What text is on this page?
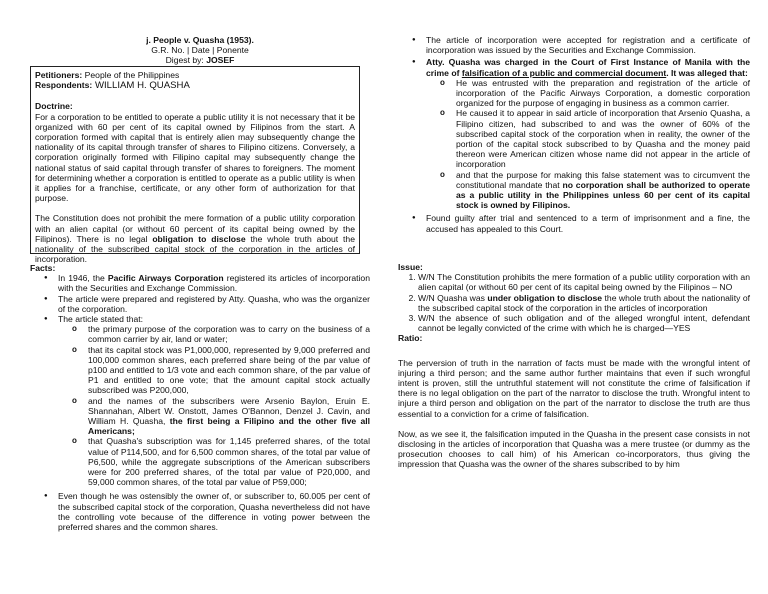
j. People v. Quasha (1953).
G.R. No. | Date | Ponente
Digest by: JOSEF
Petitioners: People of the Philippines
Respondents: WILLIAM H. QUASHA
Doctrine:
For a corporation to be entitled to operate a public utility it is not necessary that it be organized with 60 per cent of its capital owned by Filipinos from the start. A corporation formed with capital that is entirely alien may subsequently change the nationality of its capital through transfer of shares to Filipino citizens. Conversely, a corporation originally formed with Filipino capital may subsequently change the national status of said capital through transfer of shares to foreigners. The moment for determining whether a corporation is entitled to operate as a public utility is when it applies for a franchise, certificate, or any other form of authorization for that purpose.
The Constitution does not prohibit the mere formation of a public utility corporation with an alien capital (or without 60 percent of its capital being owned by the Filipinos). There is no legal obligation to disclose the whole truth about the nationality of the subscribed capital stock of the corporation in the articles of incorporation.
Facts:
● In 1946, the Pacific Airways Corporation registered its articles of incorporation with the Securities and Exchange Commission.
● The article were prepared and registered by Atty. Quasha, who was the organizer of the corporation.
● The article stated that:
o the primary purpose of the corporation was to carry on the business of a common carrier by air, land or water;
o that its capital stock was P1,000,000, represented by 9,000 preferred and 100,000 common shares, each preferred share being of the par value of p100 and entitled to 1/3 vote and each common share, of the par value of P1 and entitled to one vote; that the amount capital stock actually subscribed was P200,000,
o and the names of the subscribers were Arsenio Baylon, Eruin E. Shannahan, Albert W. Onstott, James O'Bannon, Denzel J. Cavin, and William H. Quasha, the first being a Filipino and the other five all Americans;
o that Quasha's subscription was for 1,145 preferred shares, of the total value of P114,500, and for 6,500 common shares, of the total par value of P6,500, while the aggregate subscriptions of the American subscribers were for 200 preferred shares, of the total par value of P20,000, and 59,000 common shares, of the total par value of P59,000;
● Even though he was ostensibly the owner of, or subscriber to, 60.005 per cent of the subscribed capital stock of the corporation, Quasha nevertheless did not have the controlling vote because of the difference in voting power between the preferred shares and the common shares.
● The article of incorporation were accepted for registration and a certificate of incorporation was issued by the Securities and Exchange Commission.
● Atty. Quasha was charged in the Court of First Instance of Manila with the crime of falsification of a public and commercial document. It was alleged that:
o He was entrusted with the preparation and registration of the article of incorporation of the Pacific Airways Corporation, a domestic corporation organized for the purpose of engaging in business as a common carrier.
o He caused it to appear in said article of incorporation that Arsenio Quasha, a Filipino citizen, had subscribed to and was the owner of 60% of the subscribed capital stock of the corporation when in reality, the owner of the portion of the capital stock subscribed to by Quasha and the money paid thereon were American citizen whose name did not appear in the article of incorporation
o and that the purpose for making this false statement was to circumvent the constitutional mandate that no corporation shall be authorized to operate as a public utility in the Philippines unless 60 per cent of its capital stock is owned by Filipinos.
● Found guilty after trial and sentenced to a term of imprisonment and a fine, the accused has appealed to this Court.
Issue:
1. W/N The Constitution prohibits the mere formation of a public utility corporation with an alien capital (or without 60 per cent of its capital being owned by the Filipinos – NO
2. W/N Quasha was under obligation to disclose the whole truth about the nationality of the subscribed capital stock of the corporation in the articles of incorporation
3. W/N the absence of such obligation and of the alleged wrongful intent, defendant cannot be legally convicted of the crime with which he is charged—YES
Ratio:
The perversion of truth in the narration of facts must be made with the wrongful intent of injuring a third person; and the same author further maintains that even if such wrongful intent is proven, still the untruthful statement will not constitute the crime of falsification if there is no legal obligation on the part of the narrator to disclose the truth. Wrongful intent to injure a third person and obligation on the part of the narrator to disclose the truth are thus essential to a conviction for a crime of falsification.
Now, as we see it, the falsification imputed in the Quasha in the present case consists in not disclosing in the articles of incorporation that Quasha was a mere trustee (or dummy as the prosecution chooses to call him) of his American co-incorporators, thus giving the impression that Quasha was the owner of the shares subscribed to by him
